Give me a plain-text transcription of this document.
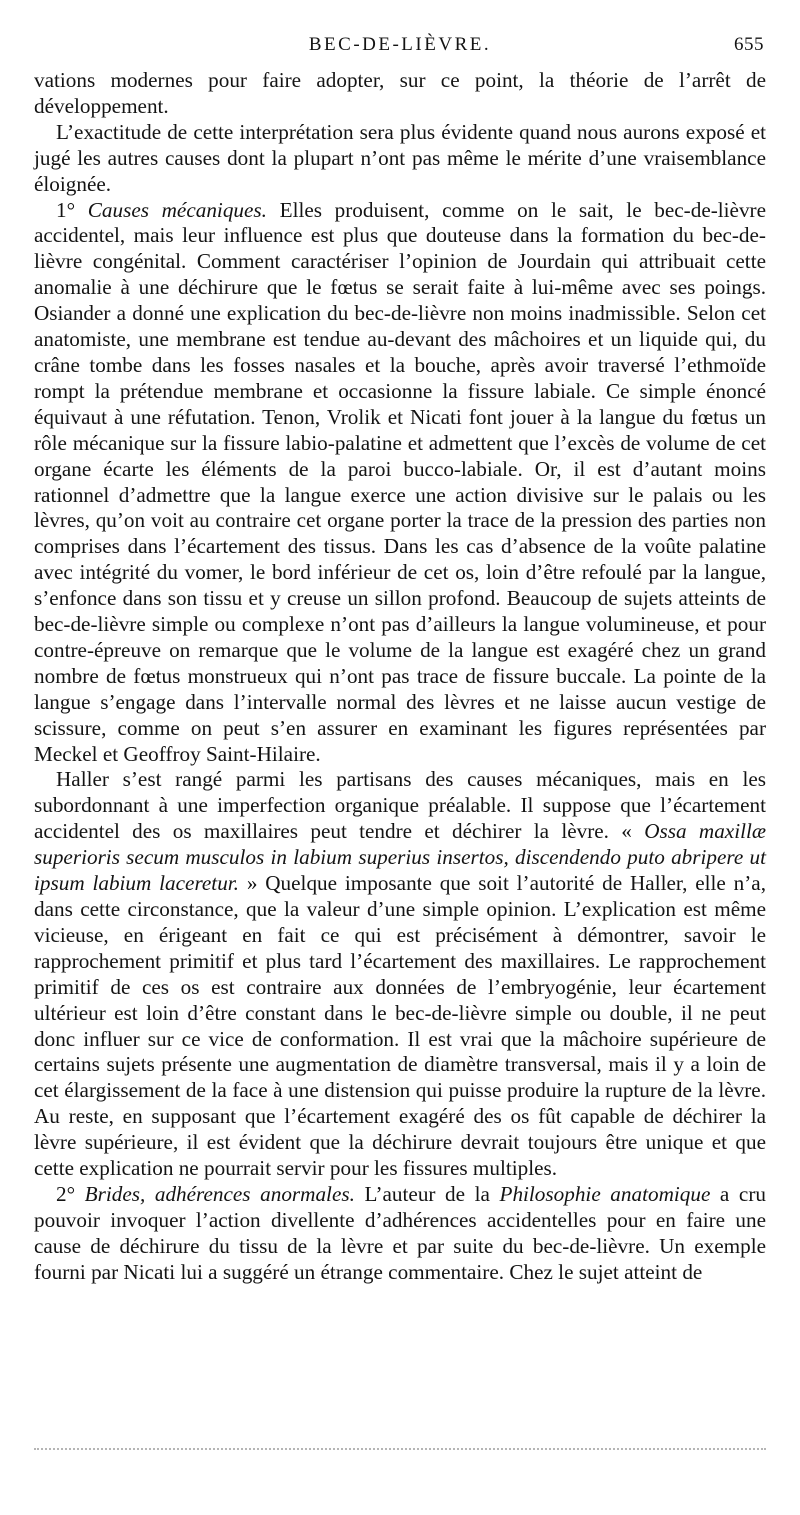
BEC-DE-LIÈVRE.	655

vations modernes pour faire adopter, sur ce point, la théorie de l’arrêt de développement.

L’exactitude de cette interprétation sera plus évidente quand nous aurons exposé et jugé les autres causes dont la plupart n’ont pas même le mérite d’une vraisemblance éloignée.

1° Causes mécaniques. Elles produisent, comme on le sait, le bec-de-lièvre accidentel, mais leur influence est plus que douteuse dans la formation du bec-de-lièvre congénital. Comment caractériser l’opinion de Jourdain qui attribuait cette anomalie à une déchirure que le fœtus se serait faite à lui-même avec ses poings. Osiander a donné une explication du bec-de-lièvre non moins inadmissible. Selon cet anatomiste, une membrane est tendue au-devant des mâchoires et un liquide qui, du crâne tombe dans les fosses nasales et la bouche, après avoir traversé l’ethmoïde rompt la prétendue membrane et occasionne la fissure labiale. Ce simple énoncé équivaut à une réfutation. Tenon, Vrolik et Nicati font jouer à la langue du fœtus un rôle mécanique sur la fissure labio-palatine et admettent que l’excès de volume de cet organe écarte les éléments de la paroi bucco-labiale. Or, il est d’autant moins rationnel d’admettre que la langue exerce une action divisive sur le palais ou les lèvres, qu’on voit au contraire cet organe porter la trace de la pression des parties non comprises dans l’écartement des tissus. Dans les cas d’absence de la voûte palatine avec intégrité du vomer, le bord inférieur de cet os, loin d’être refoulé par la langue, s’enfonce dans son tissu et y creuse un sillon profond. Beaucoup de sujets atteints de bec-de-lièvre simple ou complexe n’ont pas d’ailleurs la langue volumineuse, et pour contre-épreuve on remarque que le volume de la langue est exagéré chez un grand nombre de fœtus monstrueux qui n’ont pas trace de fissure buccale. La pointe de la langue s’engage dans l’intervalle normal des lèvres et ne laisse aucun vestige de scissure, comme on peut s’en assurer en examinant les figures représentées par Meckel et Geoffroy Saint-Hilaire.

Haller s’est rangé parmi les partisans des causes mécaniques, mais en les subordonnant à une imperfection organique préalable. Il suppose que l’écartement accidentel des os maxillaires peut tendre et déchirer la lèvre. « Ossa maxillæ superioris secum musculos in labium superius insertos, discendendo puto abripere ut ipsum labium laceretur. » Quelque imposante que soit l’autorité de Haller, elle n’a, dans cette circonstance, que la valeur d’une simple opinion. L’explication est même vicieuse, en érigeant en fait ce qui est précisément à démontrer, savoir le rapprochement primitif et plus tard l’écartement des maxillaires. Le rapprochement primitif de ces os est contraire aux données de l’embryogénie, leur écartement ultérieur est loin d’être constant dans le bec-de-lièvre simple ou double, il ne peut donc influer sur ce vice de conformation. Il est vrai que la mâchoire supérieure de certains sujets présente une augmentation de diamètre transversal, mais il y a loin de cet élargissement de la face à une distension qui puisse produire la rupture de la lèvre. Au reste, en supposant que l’écartement exagéré des os fût capable de déchirer la lèvre supérieure, il est évident que la déchirure devrait toujours être unique et que cette explication ne pourrait servir pour les fissures multiples.

2° Brides, adhérences anormales. L’auteur de la Philosophie anatomique a cru pouvoir invoquer l’action divellente d’adhérences accidentelles pour en faire une cause de déchirure du tissu de la lèvre et par suite du bec-de-lièvre. Un exemple fourni par Nicati lui a suggéré un étrange commentaire. Chez le sujet atteint de
